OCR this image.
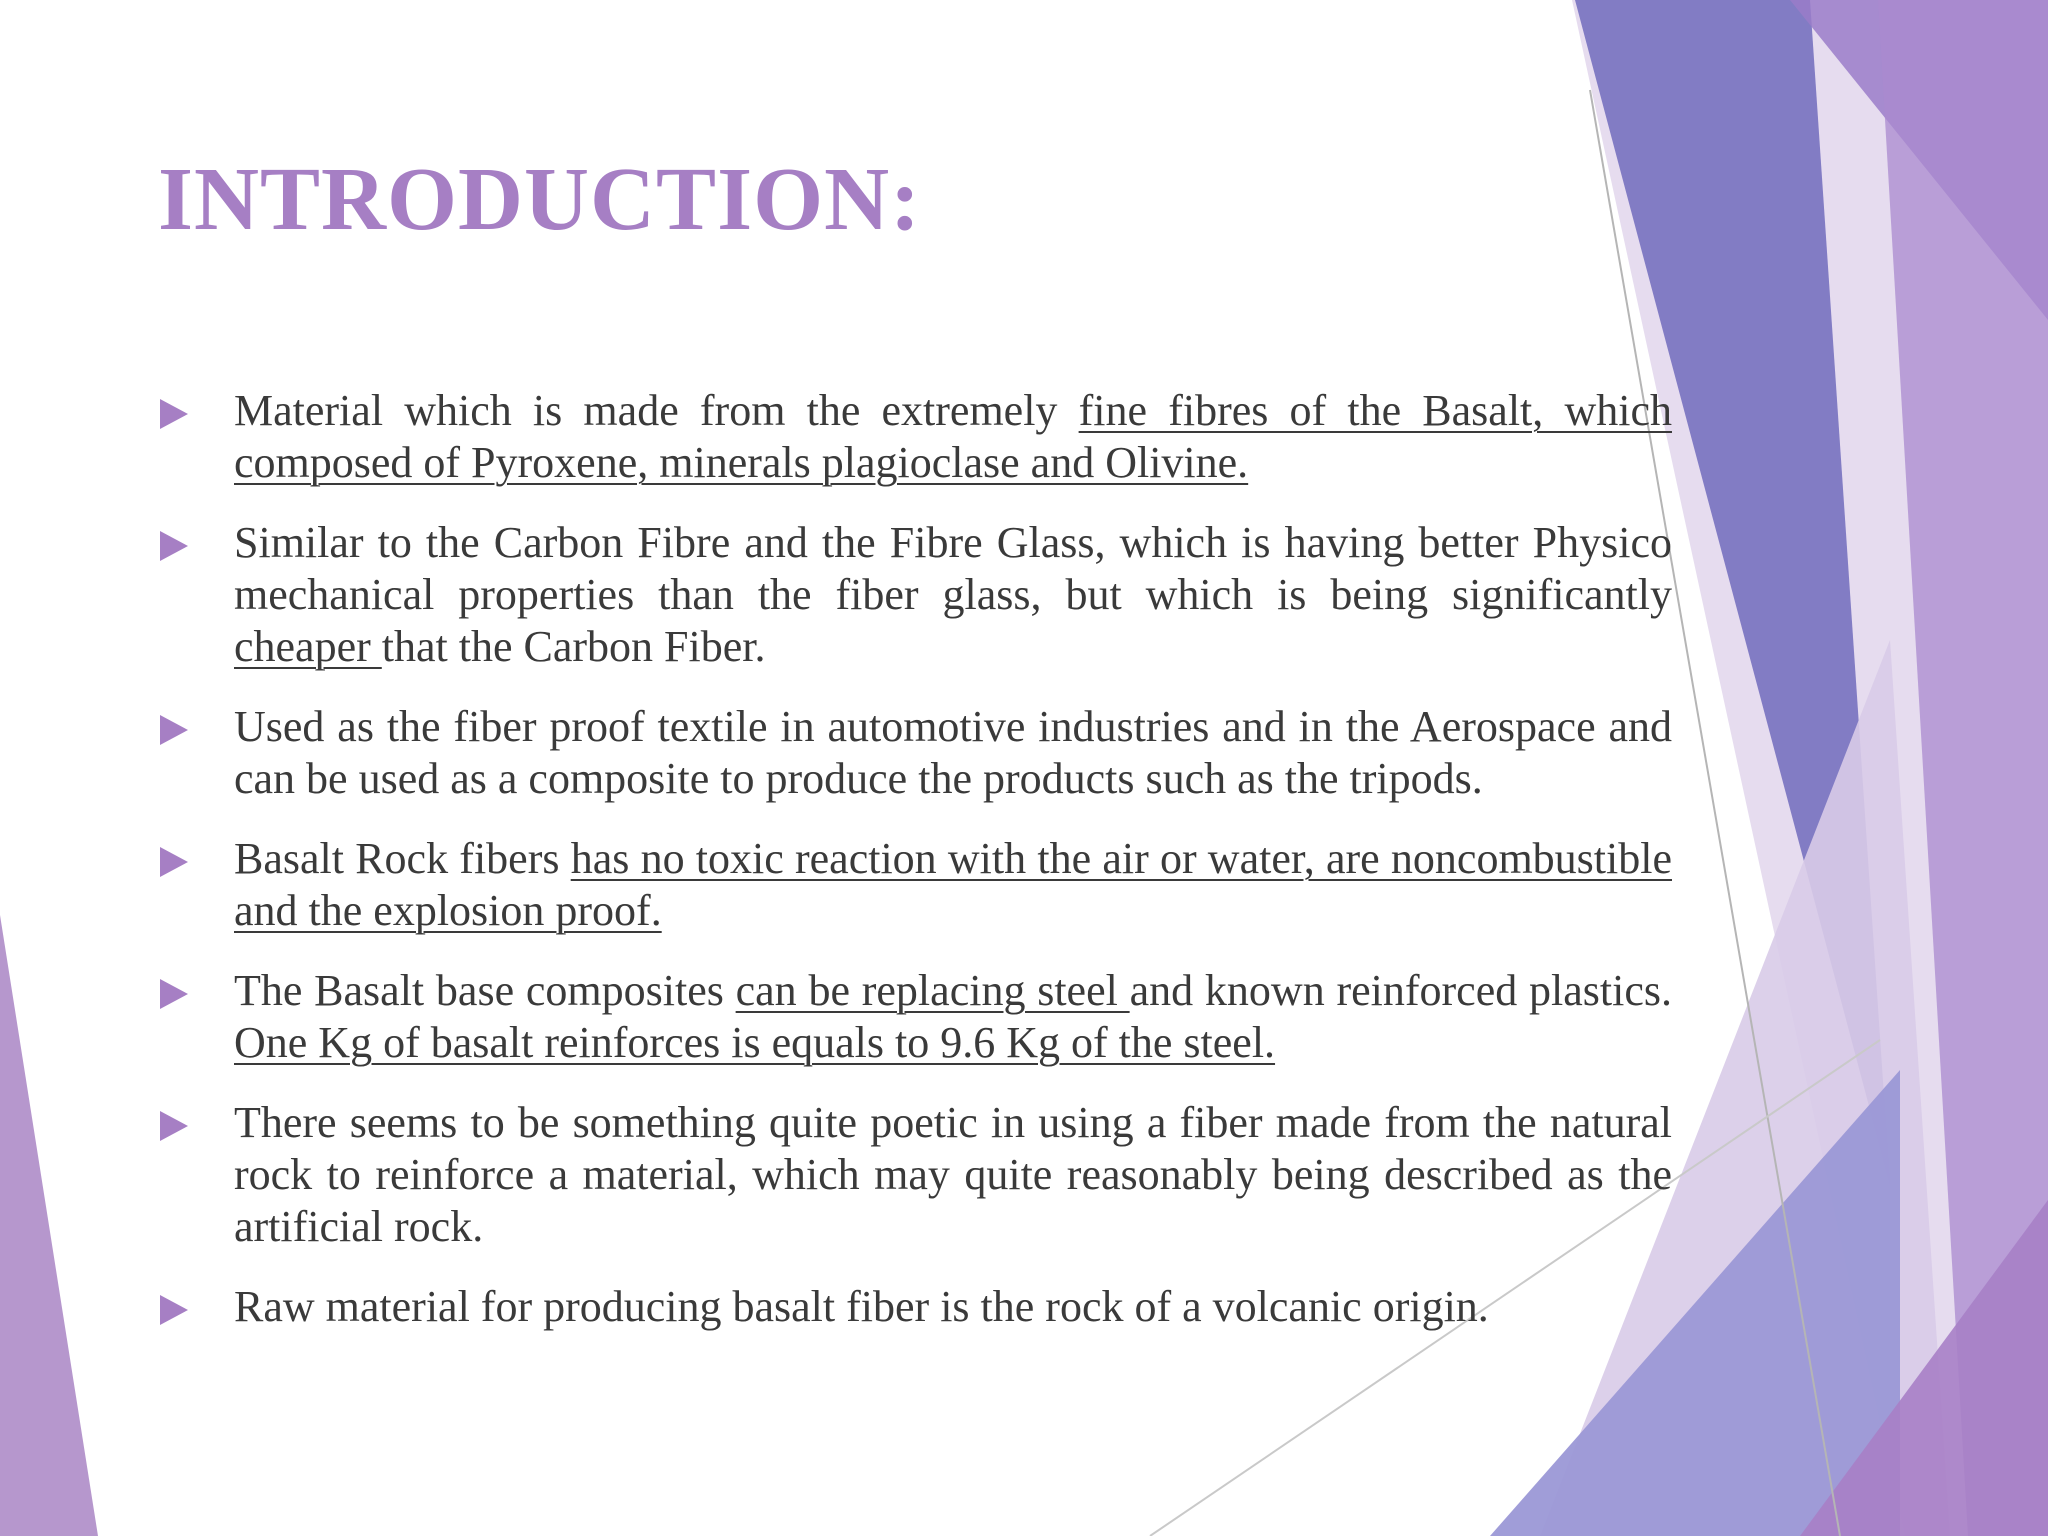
INTRODUCTION:
Material which is made from the extremely fine fibres of the Basalt, which composed of Pyroxene, minerals plagioclase and Olivine.
Similar to the Carbon Fibre and the Fibre Glass, which is having better Physico mechanical properties than the fiber glass, but which is being significantly cheaper that the Carbon Fiber.
Used as the fiber proof textile in automotive industries and in the Aerospace and can be used as a composite to produce the products such as the tripods.
Basalt Rock fibers has no toxic reaction with the air or water, are noncombustible and the explosion proof.
The Basalt base composites can be replacing steel and known reinforced plastics. One Kg of basalt reinforces is equals to 9.6 Kg of the steel.
There seems to be something quite poetic in using a fiber made from the natural rock to reinforce a material, which may quite reasonably being described as the artificial rock.
Raw material for producing basalt fiber is the rock of a volcanic origin.
